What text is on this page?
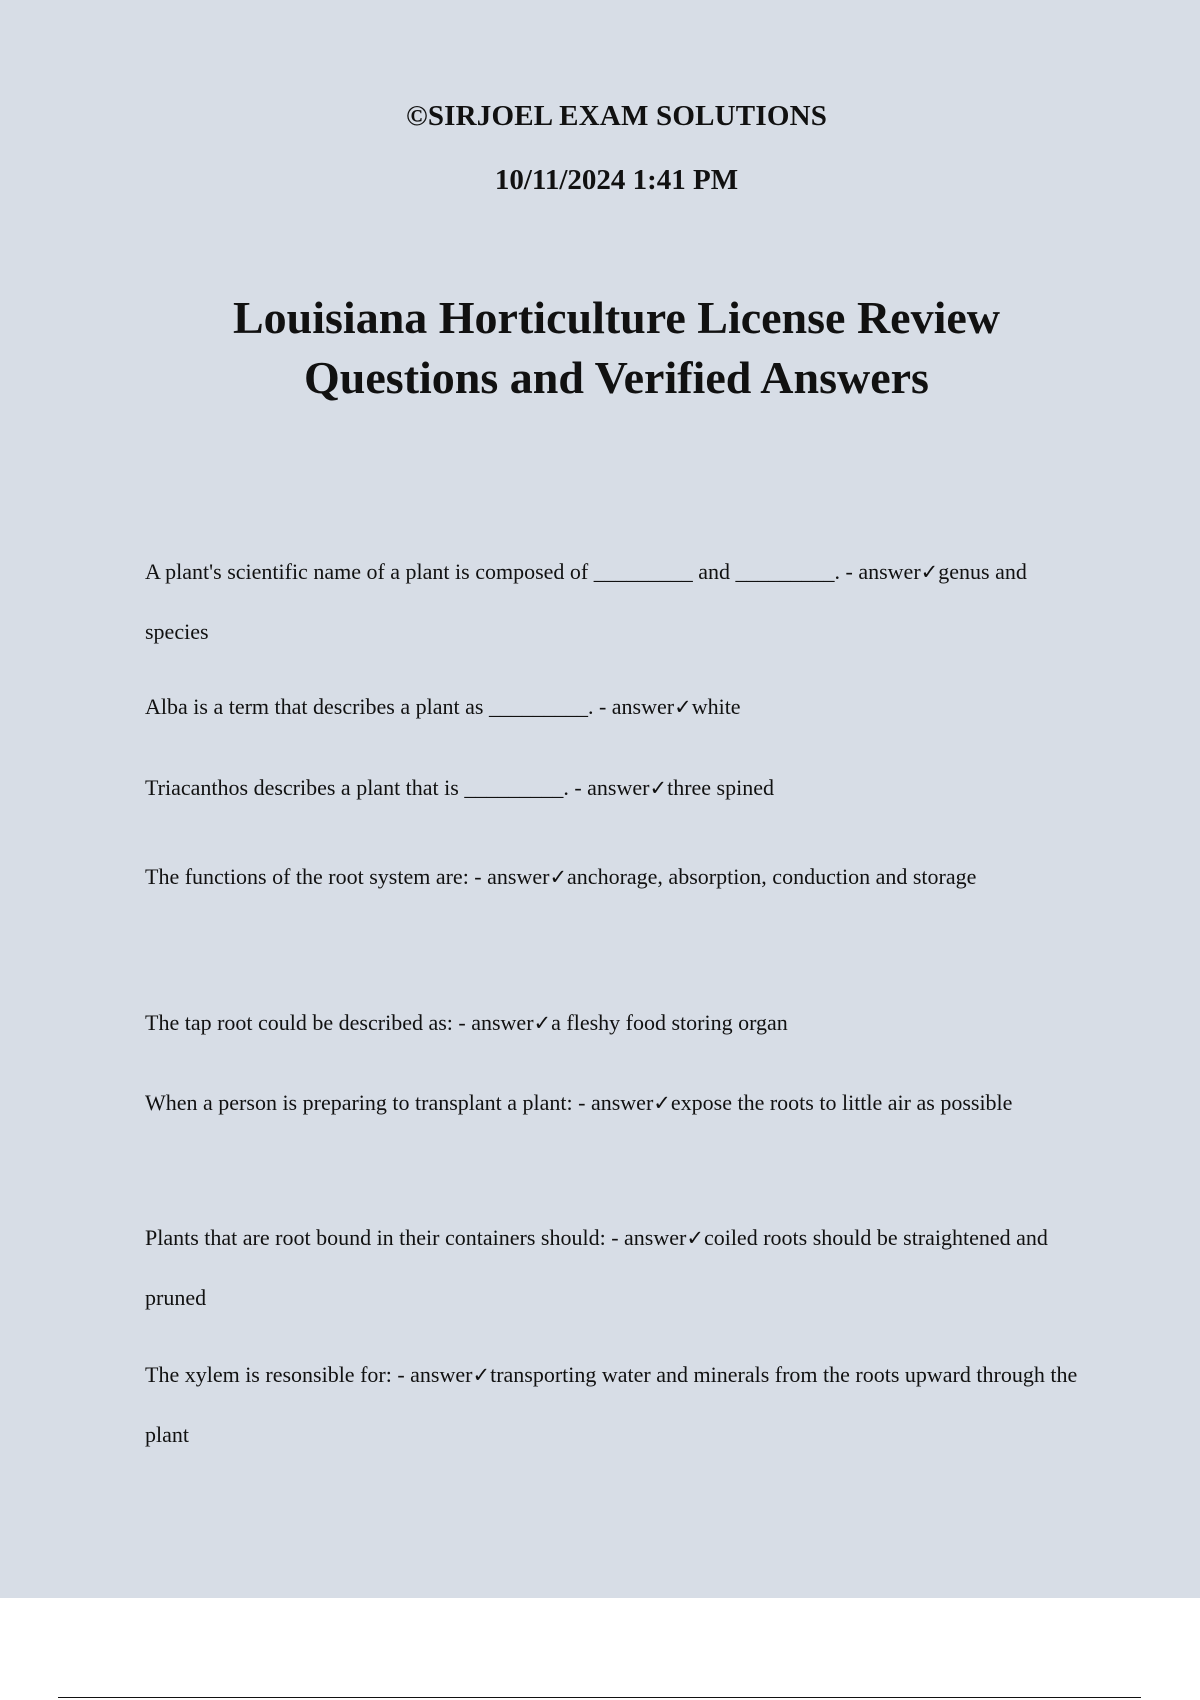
©SIRJOEL EXAM SOLUTIONS
10/11/2024 1:41 PM
Louisiana Horticulture License Review
Questions and Verified Answers

A plant's scientific name of a plant is composed of _________ and _________. - answer✓genus and species

Alba is a term that describes a plant as _________. - answer✓white

Triacanthos describes a plant that is _________. - answer✓three spined

The functions of the root system are: - answer✓anchorage, absorption, conduction and storage

The tap root could be described as: - answer✓a fleshy food storing organ

When a person is preparing to transplant a plant: - answer✓expose the roots to little air as possible

Plants that are root bound in their containers should: - answer✓coiled roots should be straightened and pruned

The xylem is resonsible for: - answer✓transporting water and minerals from the roots upward through the plant
